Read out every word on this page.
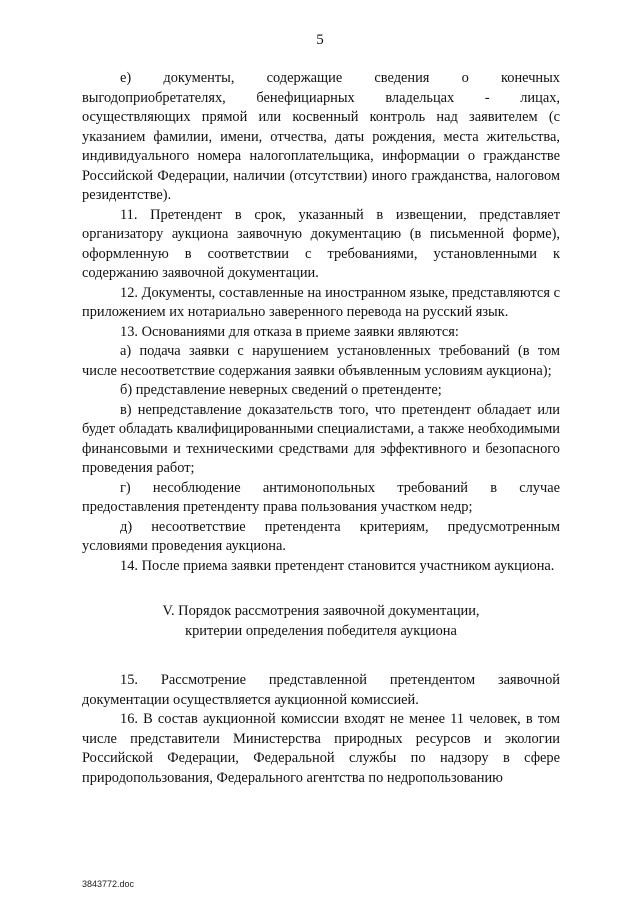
5

е) документы, содержащие сведения о конечных выгодоприобретателях, бенефициарных владельцах - лицах, осуществляющих прямой или косвенный контроль над заявителем (с указанием фамилии, имени, отчества, даты рождения, места жительства, индивидуального номера налогоплательщика, информации о гражданстве Российской Федерации, наличии (отсутствии) иного гражданства, налоговом резидентстве).

11. Претендент в срок, указанный в извещении, представляет организатору аукциона заявочную документацию (в письменной форме), оформленную в соответствии с требованиями, установленными к содержанию заявочной документации.

12. Документы, составленные на иностранном языке, представляются с приложением их нотариально заверенного перевода на русский язык.

13. Основаниями для отказа в приеме заявки являются:

а) подача заявки с нарушением установленных требований (в том числе несоответствие содержания заявки объявленным условиям аукциона);

б) представление неверных сведений о претенденте;

в) непредставление доказательств того, что претендент обладает или будет обладать квалифицированными специалистами, а также необходимыми финансовыми и техническими средствами для эффективного и безопасного проведения работ;

г) несоблюдение антимонопольных требований в случае предоставления претенденту права пользования участком недр;

д) несоответствие претендента критериям, предусмотренным условиями проведения аукциона.

14. После приема заявки претендент становится участником аукциона.

V. Порядок рассмотрения заявочной документации,
критерии определения победителя аукциона

15. Рассмотрение представленной претендентом заявочной документации осуществляется аукционной комиссией.

16. В состав аукционной комиссии входят не менее 11 человек, в том числе представители Министерства природных ресурсов и экологии Российской Федерации, Федеральной службы по надзору в сфере природопользования, Федерального агентства по недропользованию

3843772.doc
